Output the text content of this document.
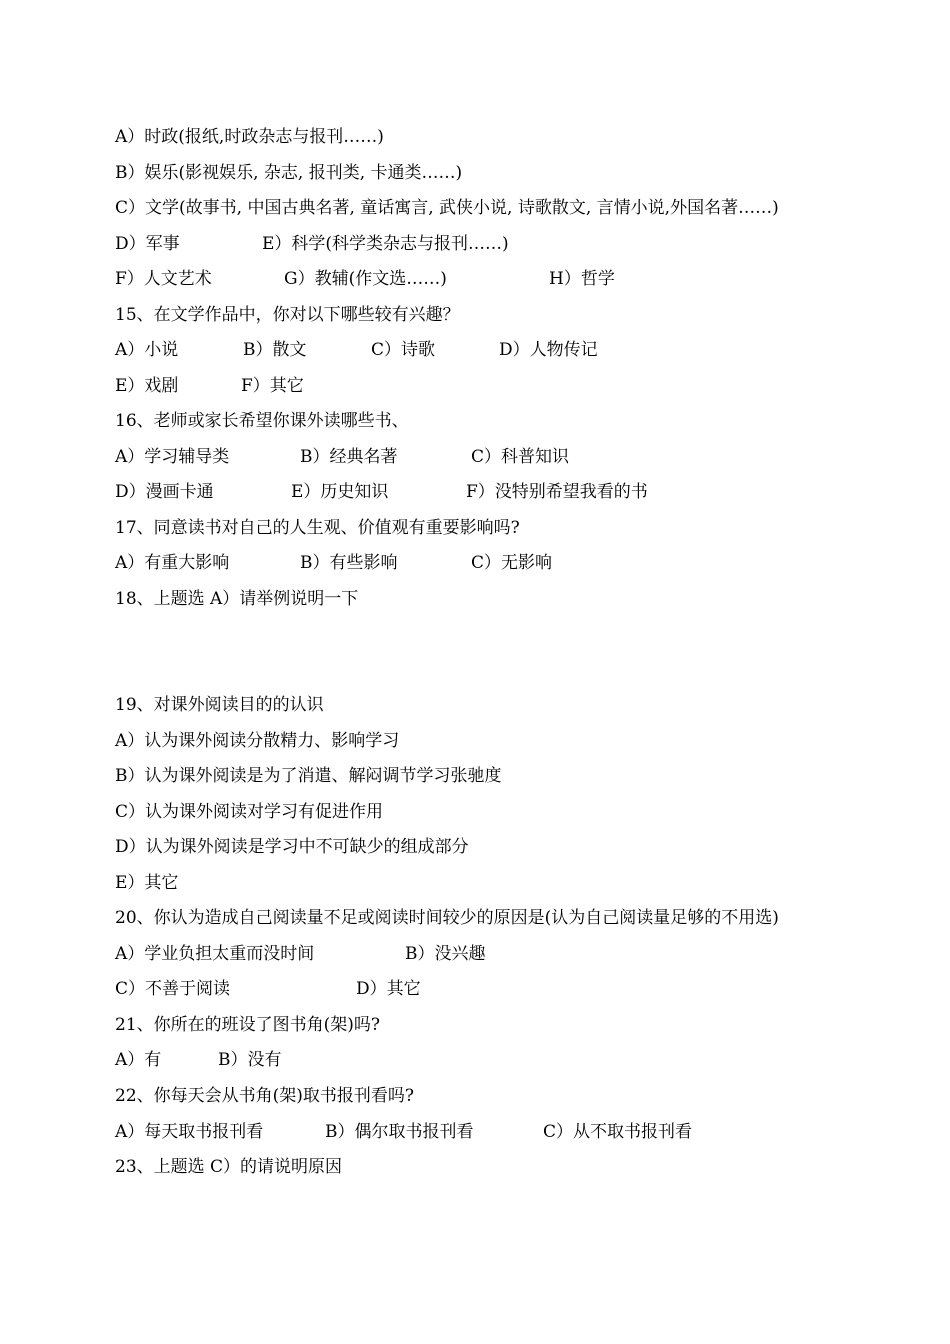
A）时政(报纸,时政杂志与报刊……)
B）娱乐(影视娱乐, 杂志, 报刊类, 卡通类……)
C）文学(故事书, 中国古典名著, 童话寓言, 武侠小说, 诗歌散文, 言情小说,外国名著……)
D）军事	E）科学(科学类杂志与报刊……)
F）人文艺术	G）教辅(作文选……)	H）哲学
15、在文学作品中，你对以下哪些较有兴趣？
A）小说	B）散文	C）诗歌	D）人物传记
E）戏剧	F）其它
16、老师或家长希望你课外读哪些书、
A）学习辅导类	B）经典名著	C）科普知识
D）漫画卡通	E）历史知识	F）没特别希望我看的书
17、同意读书对自己的人生观、价值观有重要影响吗?
A）有重大影响	B）有些影响	C）无影响
18、上题选 A）请举例说明一下
19、对课外阅读目的的认识
A）认为课外阅读分散精力、影响学习
B）认为课外阅读是为了消遣、解闷调节学习张驰度
C）认为课外阅读对学习有促进作用
D）认为课外阅读是学习中不可缺少的组成部分
E）其它
20、你认为造成自己阅读量不足或阅读时间较少的原因是(认为自己阅读量足够的不用选)
A）学业负担太重而没时间	B）没兴趣
C）不善于阅读	D）其它
21、你所在的班设了图书角(架)吗?
A）有	B）没有
22、你每天会从书角(架)取书报刊看吗?
A）每天取书报刊看	B）偶尔取书报刊看	C）从不取书报刊看
23、上题选 C）的请说明原因
